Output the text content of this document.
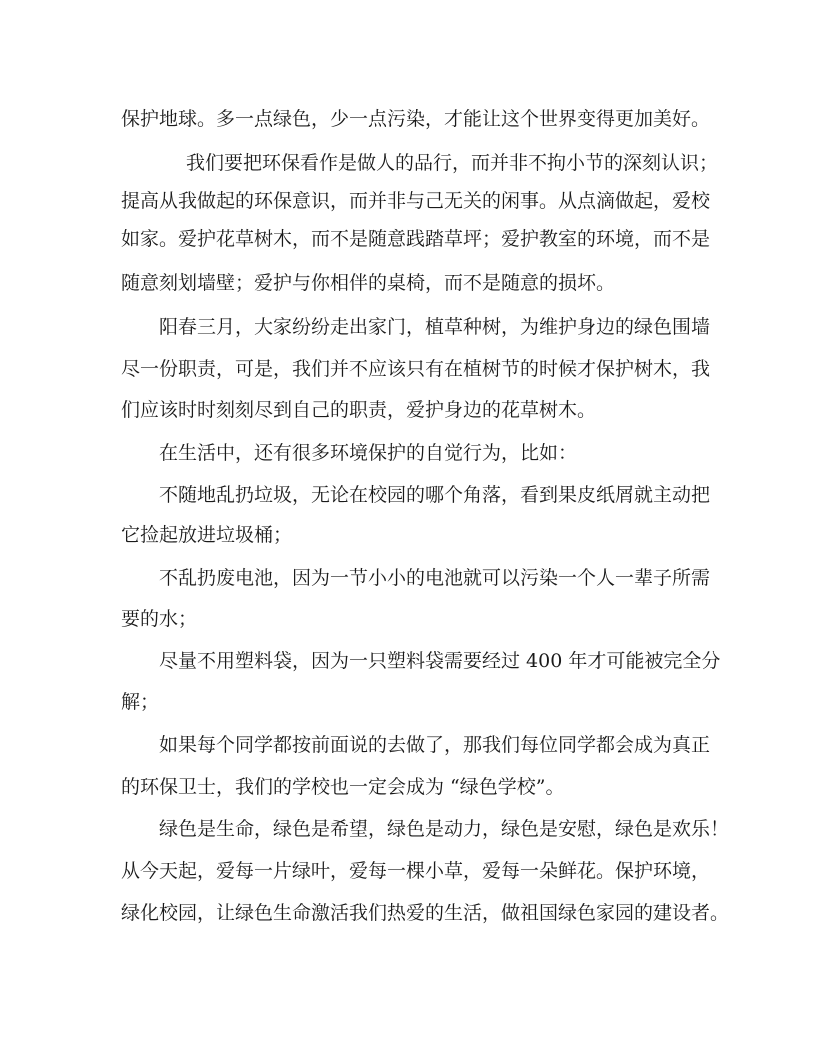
保护地球。多一点绿色，少一点污染，才能让这个世界变得更加美好。
我们要把环保看作是做人的品行，而并非不拘小节的深刻认识；
提高从我做起的环保意识，而并非与己无关的闲事。从点滴做起，爱校
如家。爱护花草树木，而不是随意践踏草坪；爱护教室的环境，而不是
随意刻划墙壁；爱护与你相伴的桌椅，而不是随意的损坏。
阳春三月，大家纷纷走出家门，植草种树，为维护身边的绿色围墙
尽一份职责，可是，我们并不应该只有在植树节的时候才保护树木，我
们应该时时刻刻尽到自己的职责，爱护身边的花草树木。
在生活中，还有很多环境保护的自觉行为，比如：
不随地乱扔垃圾，无论在校园的哪个角落，看到果皮纸屑就主动把
它捡起放进垃圾桶；
不乱扔废电池，因为一节小小的电池就可以污染一个人一辈子所需
要的水；
尽量不用塑料袋，因为一只塑料袋需要经过 400 年才可能被完全分
解；
如果每个同学都按前面说的去做了，那我们每位同学都会成为真正
的环保卫士，我们的学校也一定会成为 “绿色学校”。
绿色是生命，绿色是希望，绿色是动力，绿色是安慰，绿色是欢乐！
从今天起，爱每一片绿叶，爱每一棵小草，爱每一朵鲜花。保护环境，
绿化校园，让绿色生命激活我们热爱的生活，做祖国绿色家园的建设者。
